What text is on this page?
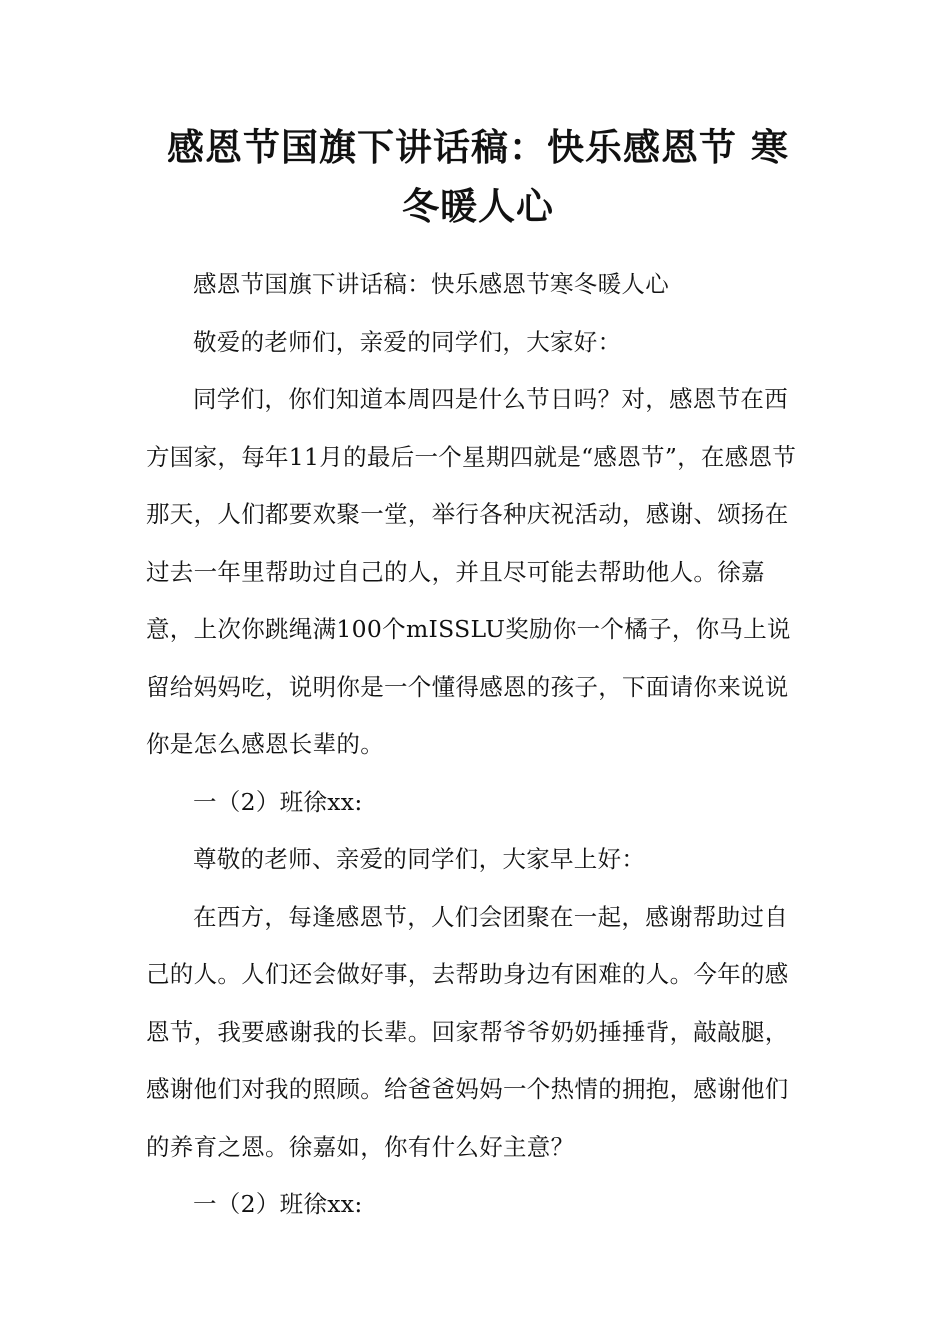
感恩节国旗下讲话稿：快乐感恩节 寒
冬暖人心

感恩节国旗下讲话稿：快乐感恩节寒冬暖人心

敬爱的老师们，亲爱的同学们，大家好：

同学们，你们知道本周四是什么节日吗？对，感恩节在西方国家，每年11月的最后一个星期四就是“感恩节”，在感恩节那天，人们都要欢聚一堂，举行各种庆祝活动，感谢、颂扬在过去一年里帮助过自己的人，并且尽可能去帮助他人。徐嘉意，上次你跳绳满100个mISSLU奖励你一个橘子，你马上说留给妈妈吃，说明你是一个懂得感恩的孩子，下面请你来说说你是怎么感恩长辈的。

一（2）班徐xx:

尊敬的老师、亲爱的同学们，大家早上好：

在西方，每逢感恩节，人们会团聚在一起，感谢帮助过自己的人。人们还会做好事，去帮助身边有困难的人。今年的感恩节，我要感谢我的长辈。回家帮爷爷奶奶捶捶背，敲敲腿，感谢他们对我的照顾。给爸爸妈妈一个热情的拥抱，感谢他们的养育之恩。徐嘉如，你有什么好主意？

一（2）班徐xx:
